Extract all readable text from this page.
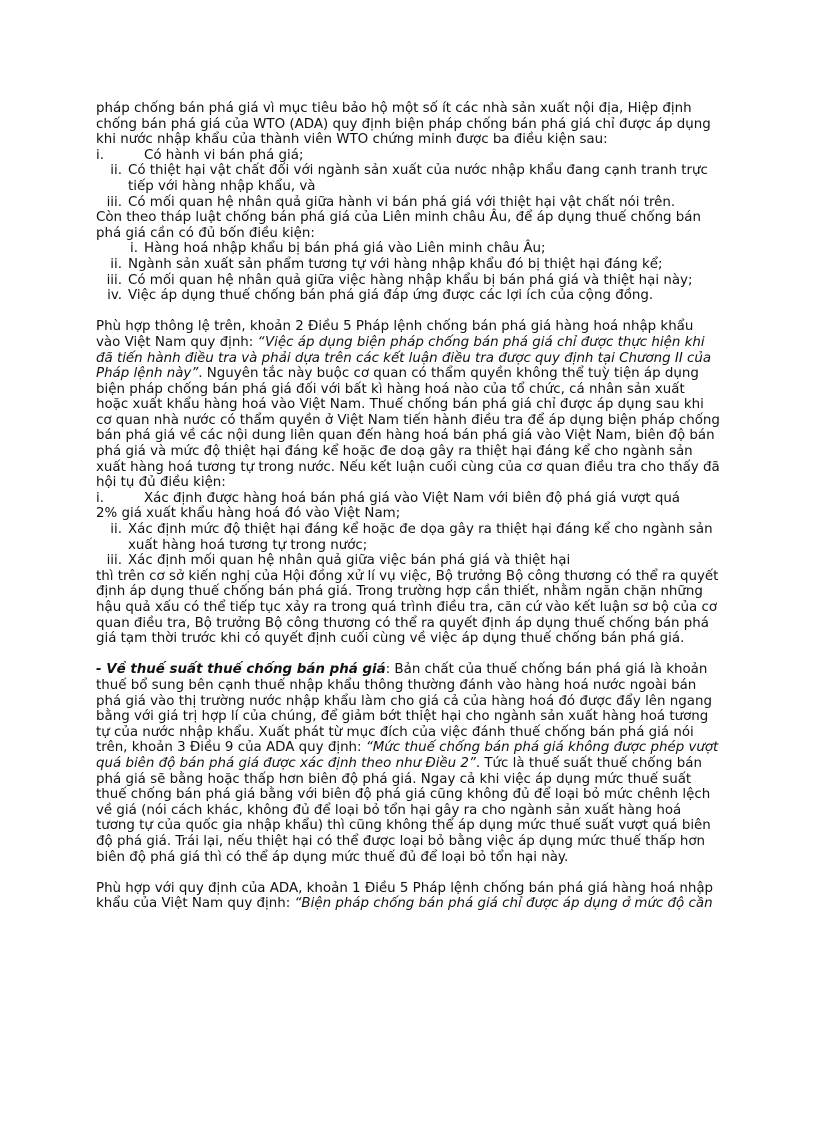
pháp chống bán phá giá vì mục tiêu bảo hộ một số ít các nhà sản xuất nội địa, Hiệp định chống bán phá giá của WTO (ADA) quy định biện pháp chống bán phá giá chỉ được áp dụng khi nước nhập khẩu của thành viên WTO chứng minh được ba điều kiện sau:

i.	Có hành vi bán phá giá;
ii. Có thiệt hại vật chất đối với ngành sản xuất của nước nhập khẩu đang cạnh tranh trực tiếp với hàng nhập khẩu, và
iii. Có mối quan hệ nhân quả giữa hành vi bán phá giá với thiệt hại vật chất nói trên.

Còn theo tháp luật chống bán phá giá của Liên minh châu Âu, để áp dụng thuế chống bán phá giá cần có đủ bốn điều kiện:

i. Hàng hoá nhập khẩu bị bán phá giá vào Liên minh châu Âu;
ii. Ngành sản xuất sản phẩm tương tự với hàng nhập khẩu đó bị thiệt hại đáng kể;
iii. Có mối quan hệ nhân quả giữa việc hàng nhập khẩu bị bán phá giá và thiệt hại này;
iv. Việc áp dụng thuế chống bán phá giá đáp ứng được các lợi ích của cộng đồng.

Phù hợp thông lệ trên, khoản 2 Điều 5 Pháp lệnh chống bán phá giá hàng hoá nhập khẩu vào Việt Nam quy định: “Việc áp dụng biện pháp chống bán phá giá chỉ được thực hiện khi đã tiến hành điều tra và phải dựa trên các kết luận điều tra được quy định tại Chương II của Pháp lệnh này”. Nguyên tắc này buộc cơ quan có thẩm quyền không thể tuỳ tiện áp dụng biện pháp chống bán phá giá đối với bất kì hàng hoá nào của tổ chức, cá nhân sản xuất hoặc xuất khẩu hàng hoá vào Việt Nam. Thuế chống bán phá giá chỉ được áp dụng sau khi cơ quan nhà nước có thẩm quyền ở Việt Nam tiến hành điều tra để áp dụng biện pháp chống bán phá giá về các nội dung liên quan đến hàng hoá bán phá giá vào Việt Nam, biên độ bán phá giá và mức độ thiệt hại đáng kể hoặc đe doạ gây ra thiệt hại đáng kể cho ngành sản xuất hàng hoá tương tự trong nước. Nếu kết luận cuối cùng của cơ quan điều tra cho thấy đã hội tụ đủ điều kiện:

i.	Xác định được hàng hoá bán phá giá vào Việt Nam với biên độ phá giá vượt quá

2% giá xuất khẩu hàng hoá đó vào Việt Nam;

ii. Xác định mức độ thiệt hại đáng kể hoặc đe dọa gây ra thiệt hại đáng kể cho ngành sản xuất hàng hoá tương tự trong nước;
iii. Xác định mối quan hệ nhân quả giữa việc bán phá giá và thiệt hại

thì trên cơ sở kiến nghị của Hội đồng xử lí vụ việc, Bộ trưởng Bộ công thương có thể ra quyết định áp dụng thuế chống bán phá giá. Trong trường hợp cần thiết, nhằm ngăn chặn những hậu quả xấu có thể tiếp tục xảy ra trong quá trình điều tra, căn cứ vào kết luận sơ bộ của cơ quan điều tra, Bộ trưởng Bộ công thương có thể ra quyết định áp dụng thuế chống bán phá giá tạm thời trước khi có quyết định cuối cùng về việc áp dụng thuế chống bán phá giá.

- Về thuế suất thuế chống bán phá giá: Bản chất của thuế chống bán phá giá là khoản thuế bổ sung bên cạnh thuế nhập khẩu thông thường đánh vào hàng hoá nước ngoài bán phá giá vào thị trường nước nhập khẩu làm cho giá cả của hàng hoá đó được đẩy lên ngang bằng với giá trị hợp lí của chúng, để giảm bớt thiệt hại cho ngành sản xuất hàng hoá tương tự của nước nhập khẩu. Xuất phát từ mục đích của việc đánh thuế chống bán phá giá nói trên, khoản 3 Điều 9 của ADA quy định: “Mức thuế chống bán phá giá không được phép vượt quá biên độ bán phá giá được xác định theo như Điều 2”. Tức là thuế suất thuế chống bán phá giá sẽ bằng hoặc thấp hơn biên độ phá giá. Ngay cả khi việc áp dụng mức thuế suất thuế chống bán phá giá bằng với biên độ phá giá cũng không đủ để loại bỏ mức chênh lệch về giá (nói cách khác, không đủ để loại bỏ tổn hại gây ra cho ngành sản xuất hàng hoá tương tự của quốc gia nhập khẩu) thì cũng không thể áp dụng mức thuế suất vượt quá biên độ phá giá. Trái lại, nếu thiệt hại có thể được loại bỏ bằng việc áp dụng mức thuế thấp hơn biên độ phá giá thì có thể áp dụng mức thuế đủ để loại bỏ tổn hại này.

Phù hợp với quy định của ADA, khoản 1 Điều 5 Pháp lệnh chống bán phá giá hàng hoá nhập khẩu của Việt Nam quy định: “Biện pháp chống bán phá giá chỉ được áp dụng ở mức độ cần
